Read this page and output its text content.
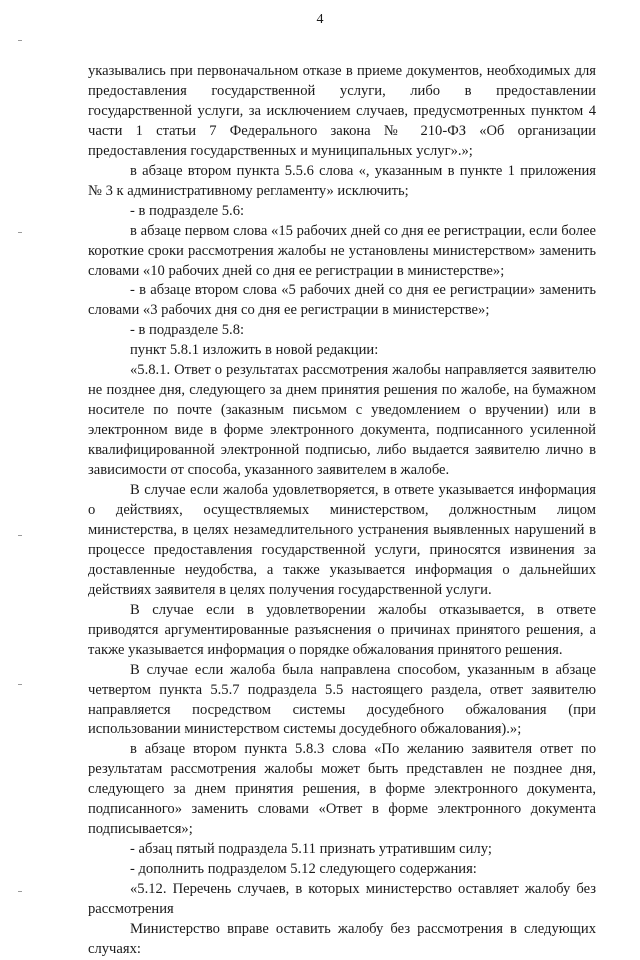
4

указывались при первоначальном отказе в приеме документов, необходимых для предоставления государственной услуги, либо в предоставлении государственной услуги, за исключением случаев, предусмотренных пунктом 4 части 1 статьи 7 Федерального закона № 210-ФЗ «Об организации предоставления государственных и муниципальных услуг».»;

в абзаце втором пункта 5.5.6 слова «, указанным в пункте 1 приложения № 3 к административному регламенту» исключить;

- в подразделе 5.6:

в абзаце первом слова «15 рабочих дней со дня ее регистрации, если более короткие сроки рассмотрения жалобы не установлены министерством» заменить словами «10 рабочих дней со дня ее регистрации в министерстве»;

- в абзаце втором слова «5 рабочих дней со дня ее регистрации» заменить словами «3 рабочих дня со дня ее регистрации в министерстве»;

- в подразделе 5.8:

пункт 5.8.1 изложить в новой редакции:

«5.8.1. Ответ о результатах рассмотрения жалобы направляется заявителю не позднее дня, следующего за днем принятия решения по жалобе, на бумажном носителе по почте (заказным письмом с уведомлением о вручении) или в электронном виде в форме электронного документа, подписанного усиленной квалифицированной электронной подписью, либо выдается заявителю лично в зависимости от способа, указанного заявителем в жалобе.

В случае если жалоба удовлетворяется, в ответе указывается информация о действиях, осуществляемых министерством, должностным лицом министерства, в целях незамедлительного устранения выявленных нарушений в процессе предоставления государственной услуги, приносятся извинения за доставленные неудобства, а также указывается информация о дальнейших действиях заявителя в целях получения государственной услуги.

В случае если в удовлетворении жалобы отказывается, в ответе приводятся аргументированные разъяснения о причинах принятого решения, а также указывается информация о порядке обжалования принятого решения.

В случае если жалоба была направлена способом, указанным в абзаце четвертом пункта 5.5.7 подраздела 5.5 настоящего раздела, ответ заявителю направляется посредством системы досудебного обжалования (при использовании министерством системы досудебного обжалования).»;

в абзаце втором пункта 5.8.3 слова «По желанию заявителя ответ по результатам рассмотрения жалобы может быть представлен не позднее дня, следующего за днем принятия решения, в форме электронного документа, подписанного» заменить словами «Ответ в форме электронного документа подписывается»;

- абзац пятый подраздела 5.11 признать утратившим силу;

- дополнить подразделом 5.12 следующего содержания:

«5.12. Перечень случаев, в которых министерство оставляет жалобу без рассмотрения

Министерство вправе оставить жалобу без рассмотрения в следующих случаях:
